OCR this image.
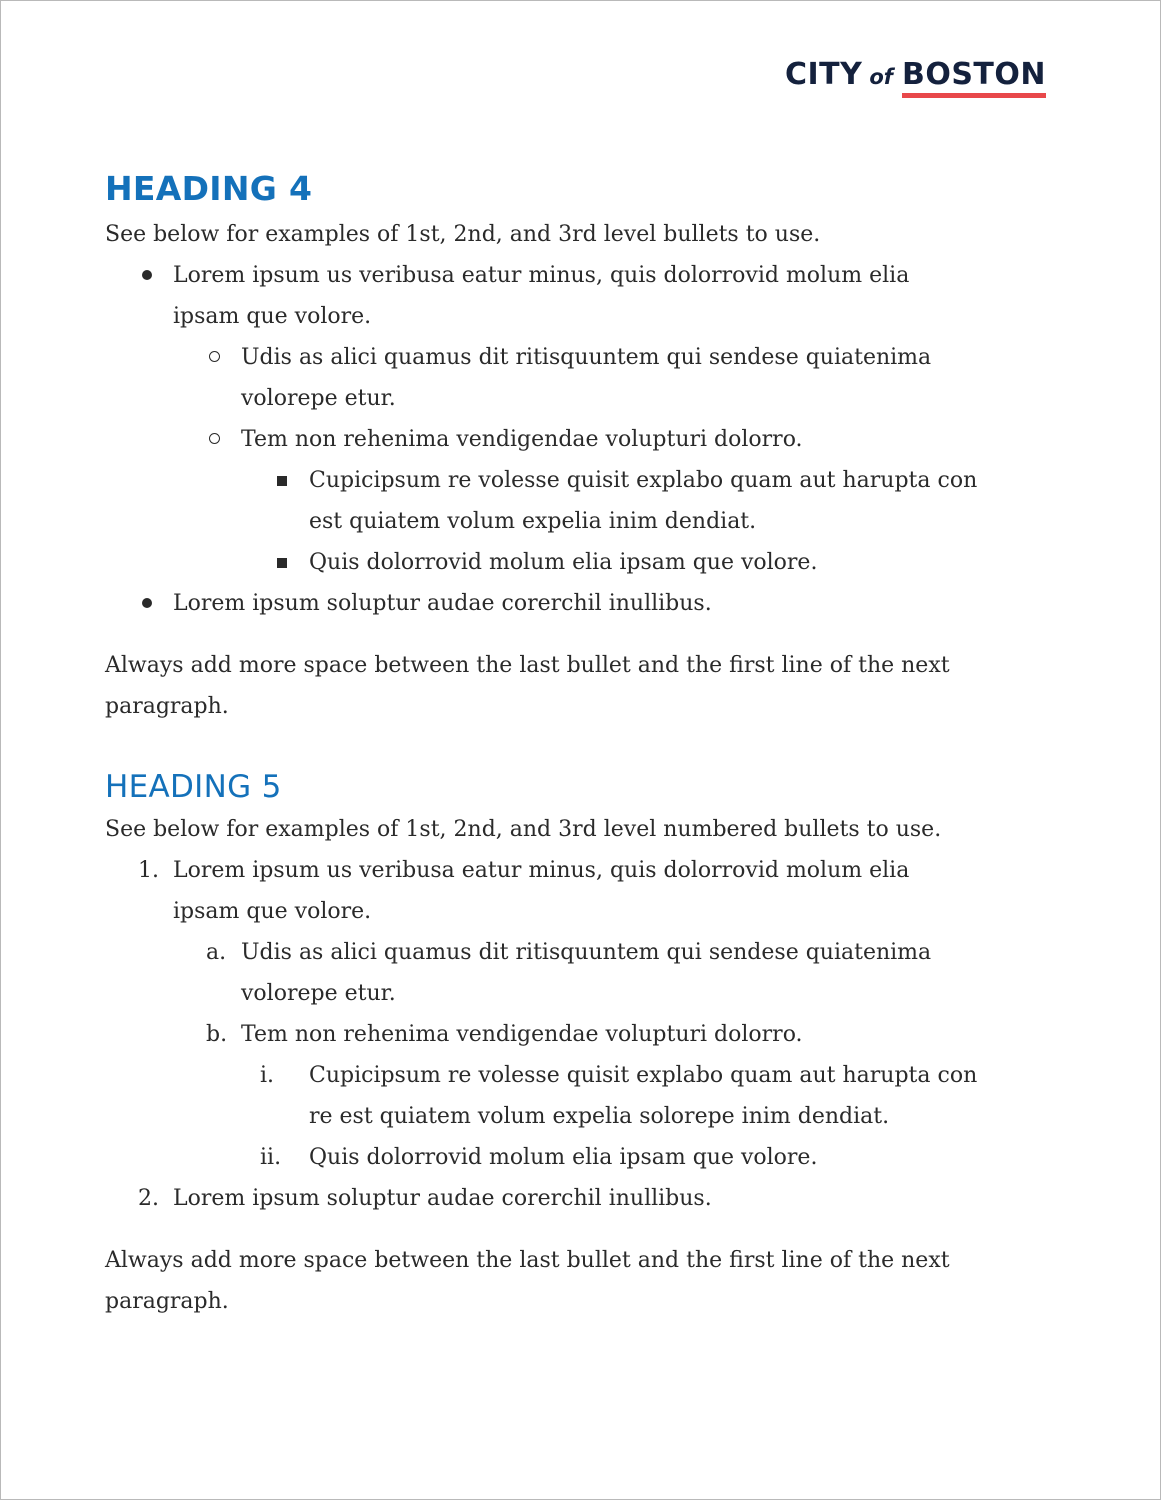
CITY of BOSTON
HEADING 4

See below for examples of 1st, 2nd, and 3rd level bullets to use.

Lorem ipsum us veribusa eatur minus, quis dolorrovid molum elia ipsam que volore.
Udis as alici quamus dit ritisquuntem qui sendese quiatenima volorepe etur.
Tem non rehenima vendigendae volupturi dolorro.
Cupicipsum re volesse quisit explabo quam aut harupta con est quiatem volum expelia inim dendiat.
Quis dolorrovid molum elia ipsam que volore.
Lorem ipsum soluptur audae corerchil inullibus.

Always add more space between the last bullet and the first line of the next paragraph.

HEADING 5

See below for examples of 1st, 2nd, and 3rd level numbered bullets to use.

1. Lorem ipsum us veribusa eatur minus, quis dolorrovid molum elia ipsam que volore.
a. Udis as alici quamus dit ritisquuntem qui sendese quiatenima volorepe etur.
b. Tem non rehenima vendigendae volupturi dolorro.
i.	Cupicipsum re volesse quisit explabo quam aut harupta con re est quiatem volum expelia solorepe inim dendiat.
ii.	Quis dolorrovid molum elia ipsam que volore.
2. Lorem ipsum soluptur audae corerchil inullibus.

Always add more space between the last bullet and the first line of the next paragraph.
